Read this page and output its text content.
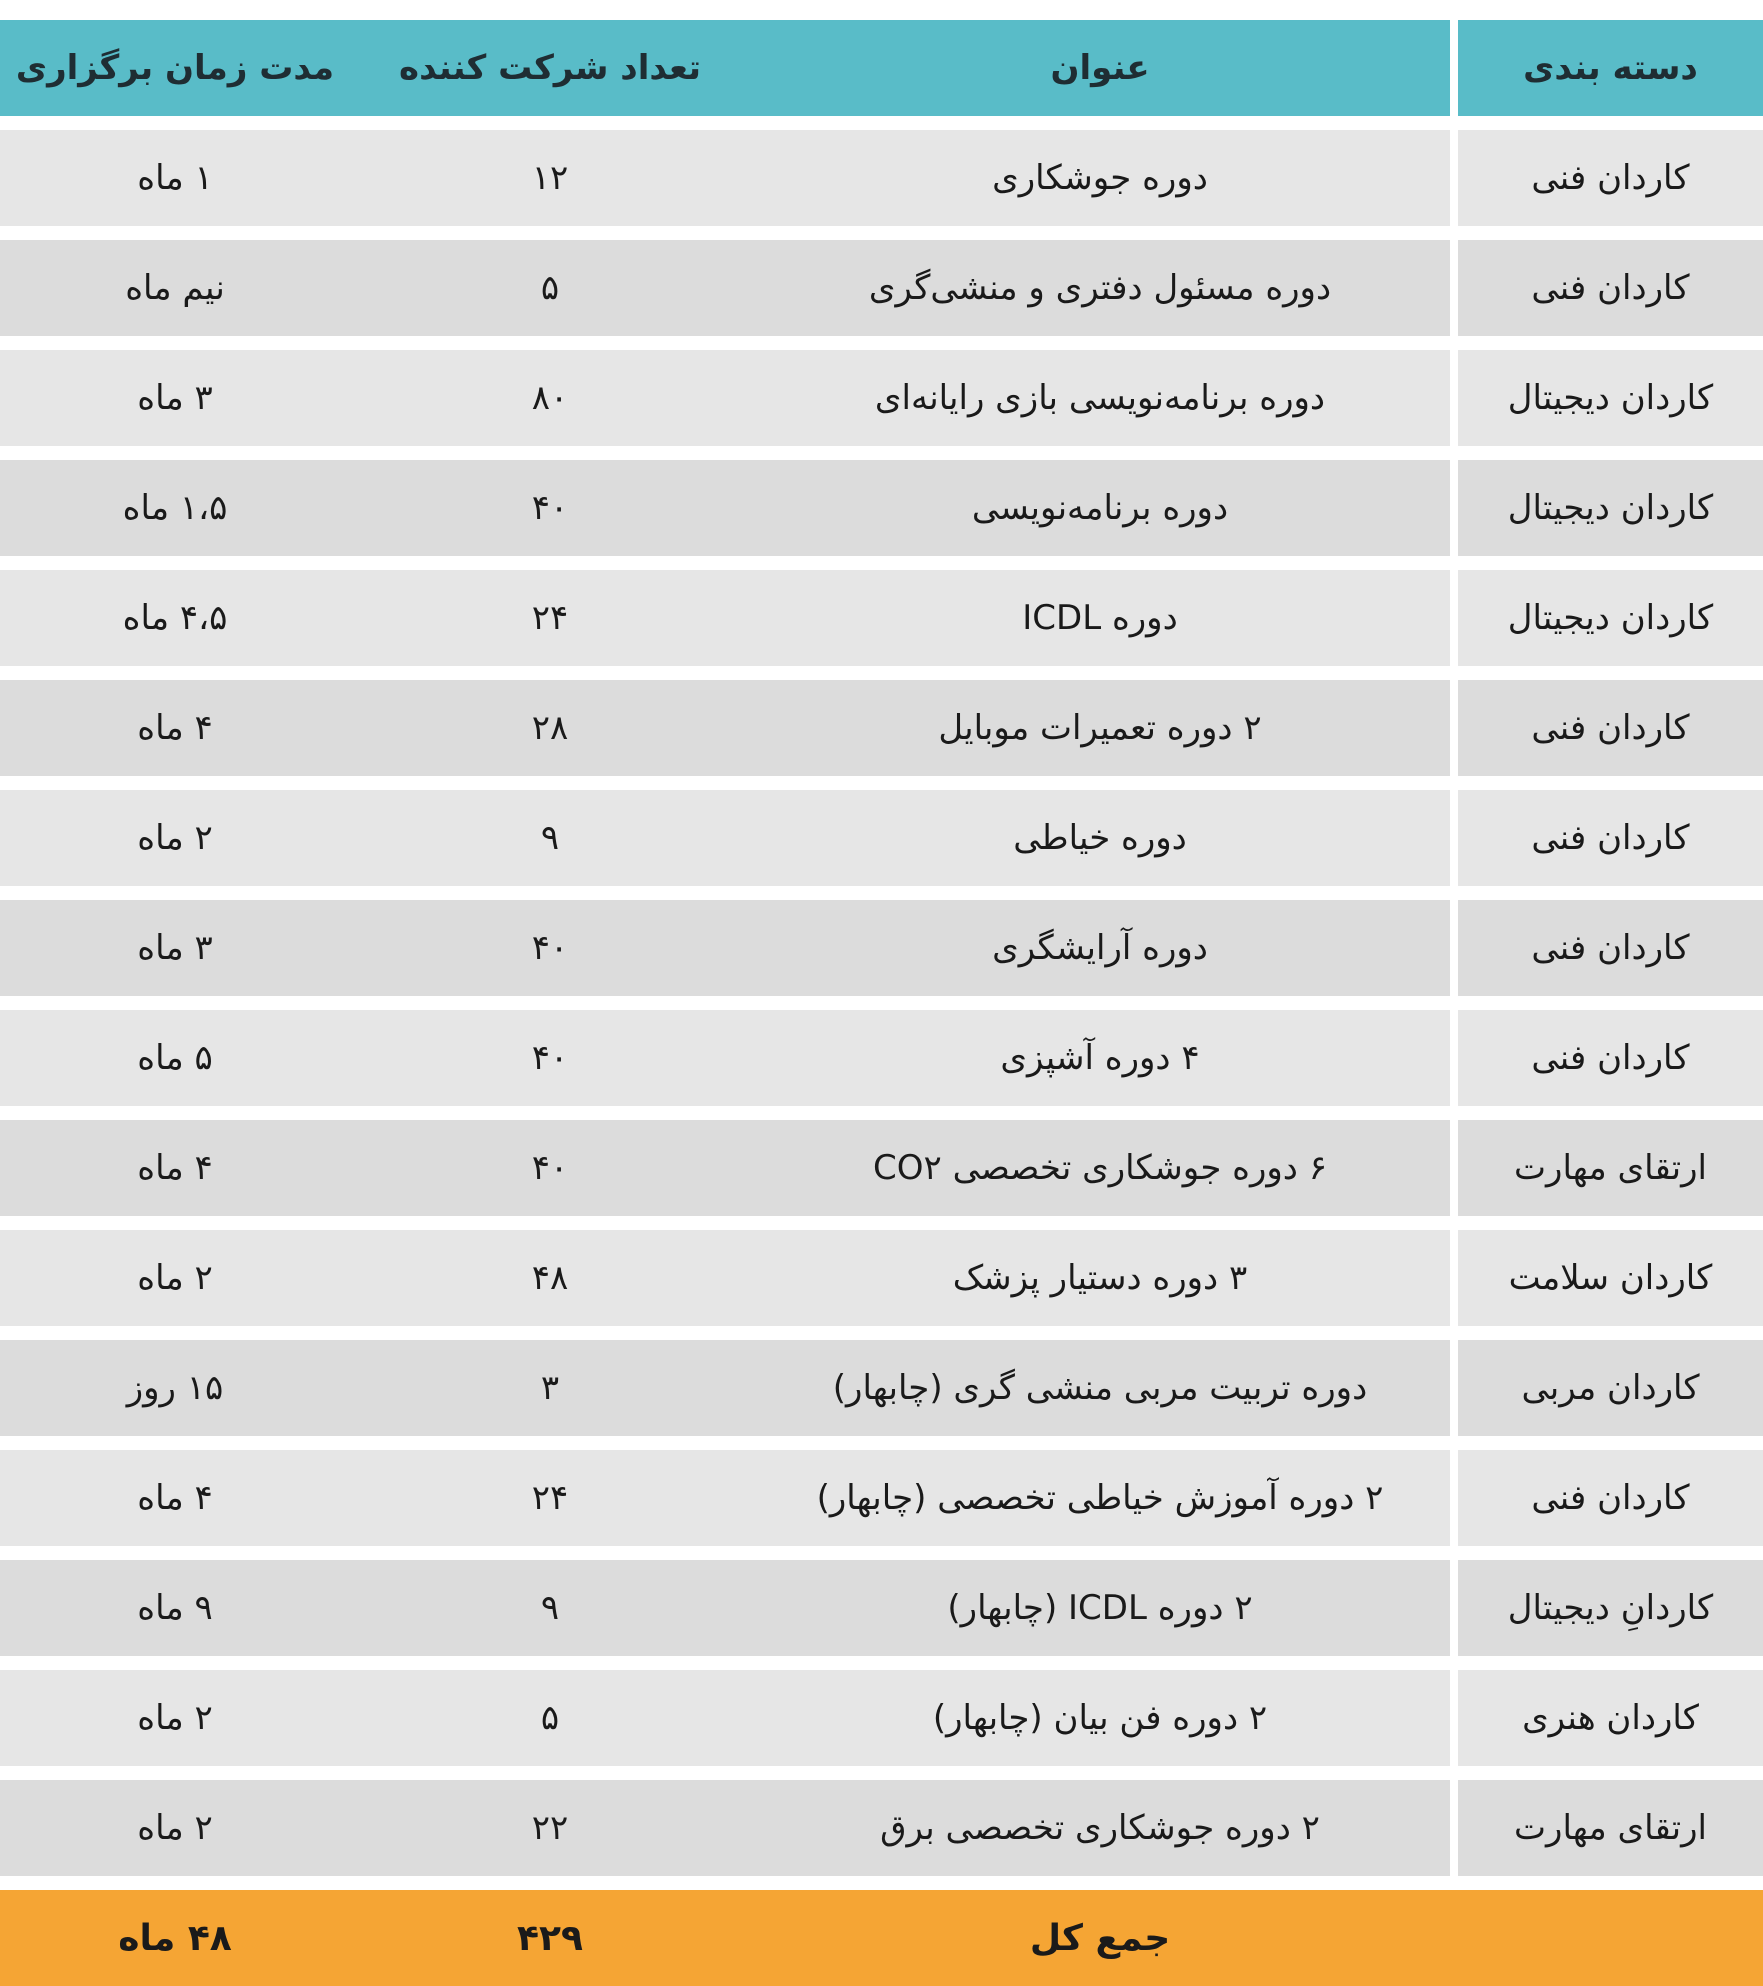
دسته بندی
عنوان
تعداد شرکت کننده
مدت زمان برگزاری
کاردان فنی
دوره جوشکاری
۱۲
۱ ماه
کاردان فنی
دوره مسئول دفتری و منشی‌گری
۵
نیم ماه
کاردان دیجیتال
دوره برنامه‌نویسی بازی رایانه‌ای
۸۰
۳ ماه
کاردان دیجیتال
دوره برنامه‌نویسی
۴۰
۱،۵ ماه
کاردان دیجیتال
دوره ICDL
۲۴
۴،۵ ماه
کاردان فنی
۲ دوره تعمیرات موبایل
۲۸
۴ ماه
کاردان فنی
دوره خیاطی
۹
۲ ماه
کاردان فنی
دوره آرایشگری
۴۰
۳ ماه
کاردان فنی
۴ دوره آشپزی
۴۰
۵ ماه
ارتقای مهارت
۶ دوره جوشکاری تخصصی CO۲
۴۰
۴ ماه
کاردان سلامت
۳ دوره دستیار پزشک
۴۸
۲ ماه
کاردان مربی
دوره تربیت مربی منشی گری (چابهار)
۳
۱۵ روز
کاردان فنی
۲ دوره آموزش خیاطی تخصصی (چابهار)
۲۴
۴ ماه
کاردانِ دیجیتال
۲ دوره ICDL (چابهار)
۹
۹ ماه
کاردان هنری
۲ دوره فن بیان (چابهار)
۵
۲ ماه
ارتقای مهارت
۲ دوره جوشکاری تخصصی برق
۲۲
۲ ماه
جمع کل
۴۲۹
۴۸ ماه
